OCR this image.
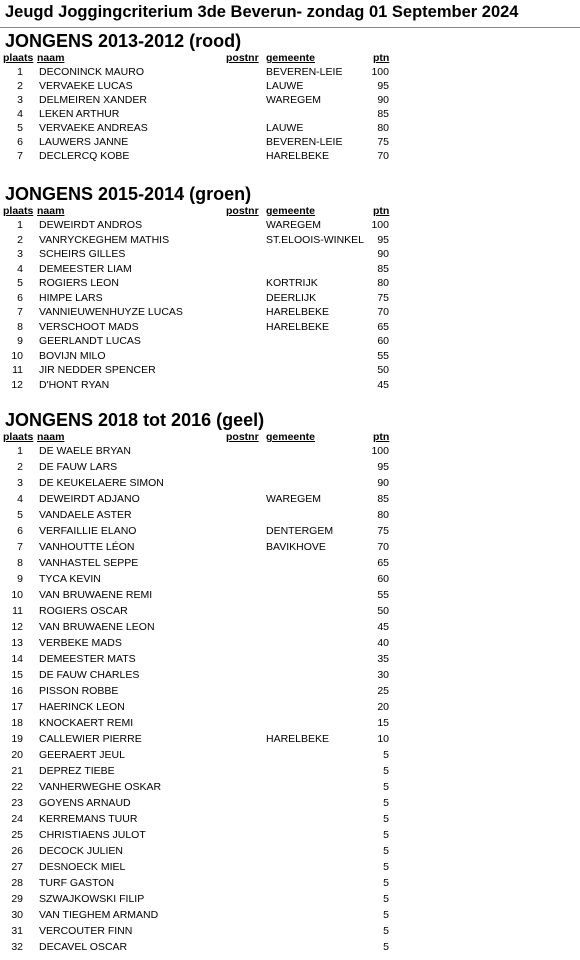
Jeugd Joggingcriterium 3de Beverun- zondag 01 September 2024
JONGENS 2013-2012 (rood)
plaats naam	postnr gemeente	ptn
1 DECONINCK MAURO	BEVEREN-LEIE	100
2 VERVAEKE LUCAS	LAUWE	95
3 DELMEIREN XANDER	WAREGEM	90
4 LEKEN ARTHUR	85
5 VERVAEKE ANDREAS	LAUWE	80
6 LAUWERS JANNE	BEVEREN-LEIE	75
7 DECLERCQ KOBE	HARELBEKE	70
JONGENS 2015-2014 (groen)
plaats naam	postnr gemeente	ptn
1 DEWEIRDT ANDROS	WAREGEM	100
2 VANRYCKEGHEM MATHIS	ST.ELOOIS-WINKEL	95
3 SCHEIRS GILLES	90
4 DEMEESTER LIAM	85
5 ROGIERS LEON	KORTRIJK	80
6 HIMPE LARS	DEERLIJK	75
7 VANNIEUWENHUYZE LUCAS	HARELBEKE	70
8 VERSCHOOT MADS	HARELBEKE	65
9 GEERLANDT LUCAS	60
10 BOVIJN MILO	55
11 JIR NEDDER SPENCER	50
12 D'HONT RYAN	45
JONGENS 2018 tot 2016 (geel)
plaats naam	postnr gemeente	ptn
1 DE WAELE BRYAN	100
2 DE FAUW LARS	95
3 DE KEUKELAERE SIMON	90
4 DEWEIRDT ADJANO	WAREGEM	85
5 VANDAELE ASTER	80
6 VERFAILLIE ELANO	DENTERGEM	75
7 VANHOUTTE LÉON	BAVIKHOVE	70
8 VANHASTEL SEPPE	65
9 TYCA KEVIN	60
10 VAN BRUWAENE REMI	55
11 ROGIERS OSCAR	50
12 VAN BRUWAENE LEON	45
13 VERBEKE MADS	40
14 DEMEESTER MATS	35
15 DE FAUW CHARLES	30
16 PISSON ROBBE	25
17 HAERINCK LEON	20
18 KNOCKAERT REMI	15
19 CALLEWIER PIERRE	HARELBEKE	10
20 GEERAERT JEUL	5
21 DEPREZ TIEBE	5
22 VANHERWEGHE OSKAR	5
23 GOYENS ARNAUD	5
24 KERREMANS TUUR	5
25 CHRISTIAENS JULOT	5
26 DECOCK JULIEN	5
27 DESNOECK MIEL	5
28 TURF GASTON	5
29 SZWAJKOWSKI FILIP	5
30 VAN TIEGHEM ARMAND	5
31 VERCOUTER FINN	5
32 DECAVEL OSCAR	5
